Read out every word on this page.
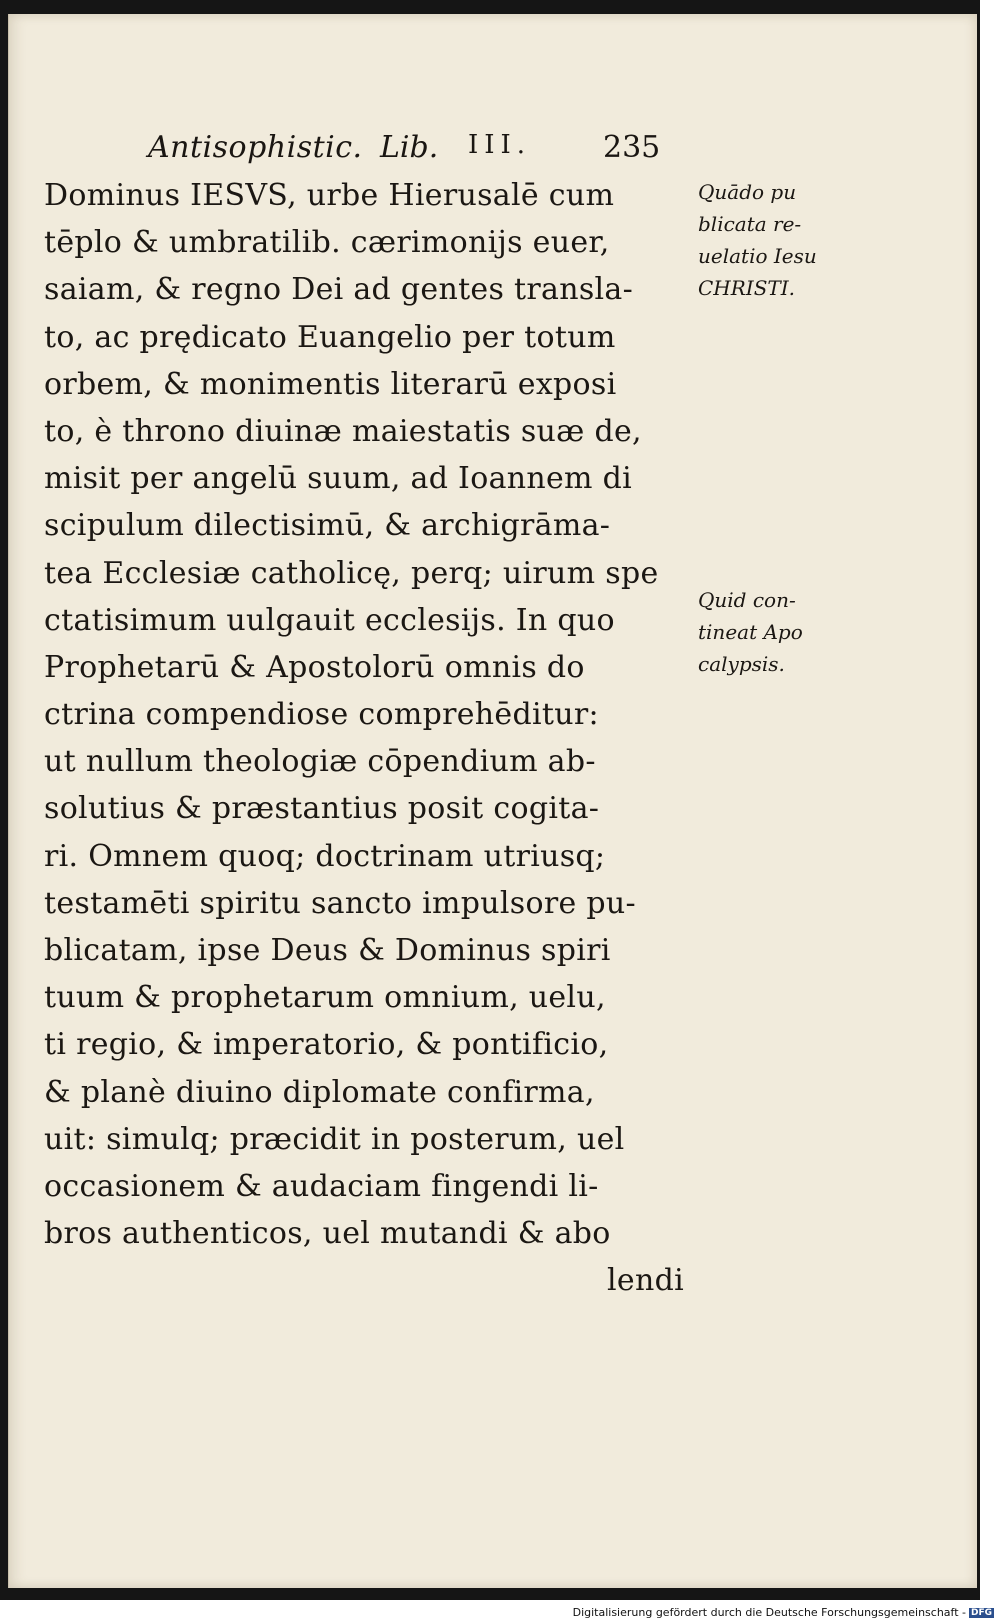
Antisophistic. Lib. III. 235
Dominus IESVS, urbe Hierusalē cum
tēplo & umbratilib. cærimonijs euer,
saiam, & regno Dei ad gentes transla-
to, ac prędicato Euangelio per totum
orbem, & monimentis literarū exposi
to, è throno diuinæ maiestatis suæ de,
misit per angelū suum, ad Ioannem di
scipulum dilectisimū, & archigrāma-
tea Ecclesiæ catholicę, perq; uirum spe
ctatisimum uulgauit ecclesijs. In quo
Prophetarū & Apostolorū omnis do
ctrina compendiose comprehēditur:
ut nullum theologiæ cōpendium ab-
solutius & præstantius posit cogita-
ri. Omnem quoq; doctrinam utriusq;
testamēti spiritu sancto impulsore pu-
blicatam, ipse Deus & Dominus spiri
tuum & prophetarum omnium, uelu,
ti regio, & imperatorio, & pontificio,
& planè diuino diplomate confirma,
uit: simulq; præcidit in posterum, uel
occasionem & audaciam fingendi li-
bros authenticos, uel mutandi & abo
lendi
Quādo pu
blicata re-
uelatio Iesu
CHRISTI.
Quid con-
tineat Apo
calypsis.
Digitalisierung gefördert durch die Deutsche Forschungsgemeinschaft - DFG
